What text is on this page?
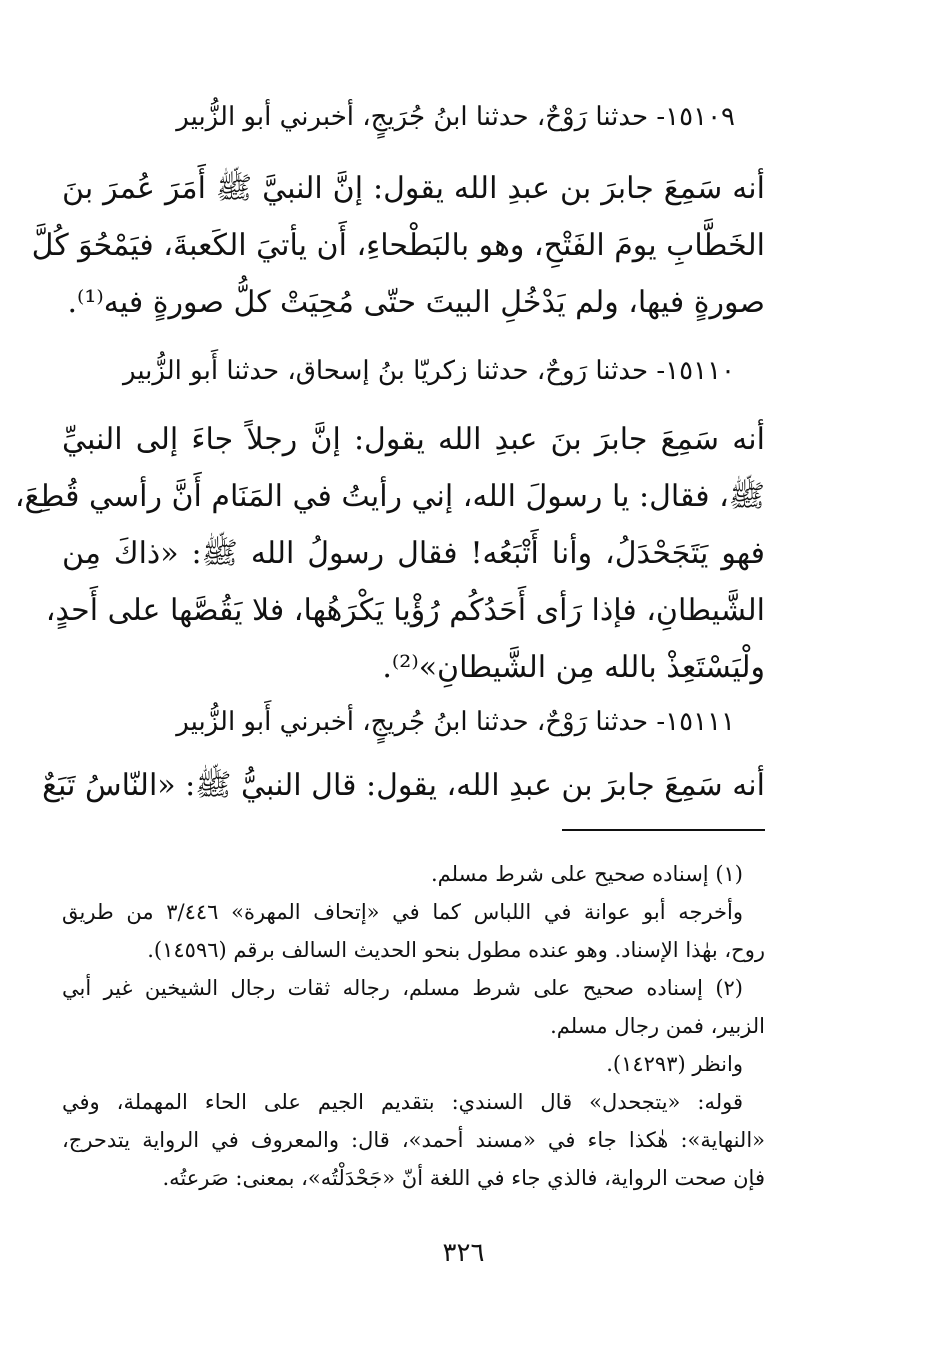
١٥١٠٩- حدثنا رَوْحٌ، حدثنا ابنُ جُرَيجٍ، أخبرني أبو الزُّبير
أنه سَمِعَ جابرَ بن عبدِ الله يقول: إنَّ النبيَّ ﷺ أَمَرَ عُمرَ بنَ
الخَطَّابِ يومَ الفَتْحِ، وهو بالبَطْحاءِ، أَن يأتيَ الكَعبةَ، فيَمْحُوَ كُلَّ
صورةٍ فيها، ولم يَدْخُلِ البيتَ حتّى مُحِيَتْ كلُّ صورةٍ فيه⁽¹⁾.
١٥١١٠- حدثنا رَوحٌ، حدثنا زكريّا بنُ إسحاق، حدثنا أَبو الزُّبير
أنه سَمِعَ جابرَ بنَ عبدِ الله يقول: إنَّ رجلاً جاءَ إلى النبيِّ
ﷺ، فقال: يا رسولَ الله، إني رأيتُ في المَنَام أَنَّ رأسي قُطِعَ،
فهو يَتَجَحْدَلُ، وأنا أَتْبَعُه! فقال رسولُ الله ﷺ: «ذاكَ مِن
الشَّيطانِ، فإذا رَأى أَحَدُكُم رُؤْيا يَكْرَهُها، فلا يَقُصَّها على أَحدٍ،
ولْيَسْتَعِذْ بالله مِن الشَّيطانِ»⁽²⁾.
١٥١١١- حدثنا رَوْحٌ، حدثنا ابنُ جُريجٍ، أخبرني أَبو الزُّبير
أنه سَمِعَ جابرَ بن عبدِ الله، يقول: قال النبيُّ ﷺ: «النّاسُ تَبَعٌ
(١) إسناده صحيح على شرط مسلم.
وأخرجه أبو عوانة في اللباس كما في «إتحاف المهرة» ٣/٤٤٦ من طريق
روح، بهٰذا الإسناد. وهو عنده مطول بنحو الحديث السالف برقم (١٤٥٩٦).
(٢) إسناده صحيح على شرط مسلم، رجاله ثقات رجال الشيخين غير أبي
الزبير، فمن رجال مسلم.
وانظر (١٤٢٩٣).
قوله: «يتجحدل» قال السندي: بتقديم الجيم على الحاء المهملة، وفي
«النهاية»: هٰكذا جاء في «مسند أحمد»، قال: والمعروف في الرواية يتدحرج،
فإن صحت الرواية، فالذي جاء في اللغة أنّ «جَحْدَلْتُه»، بمعنى: صَرعتُه.
٣٢٦
